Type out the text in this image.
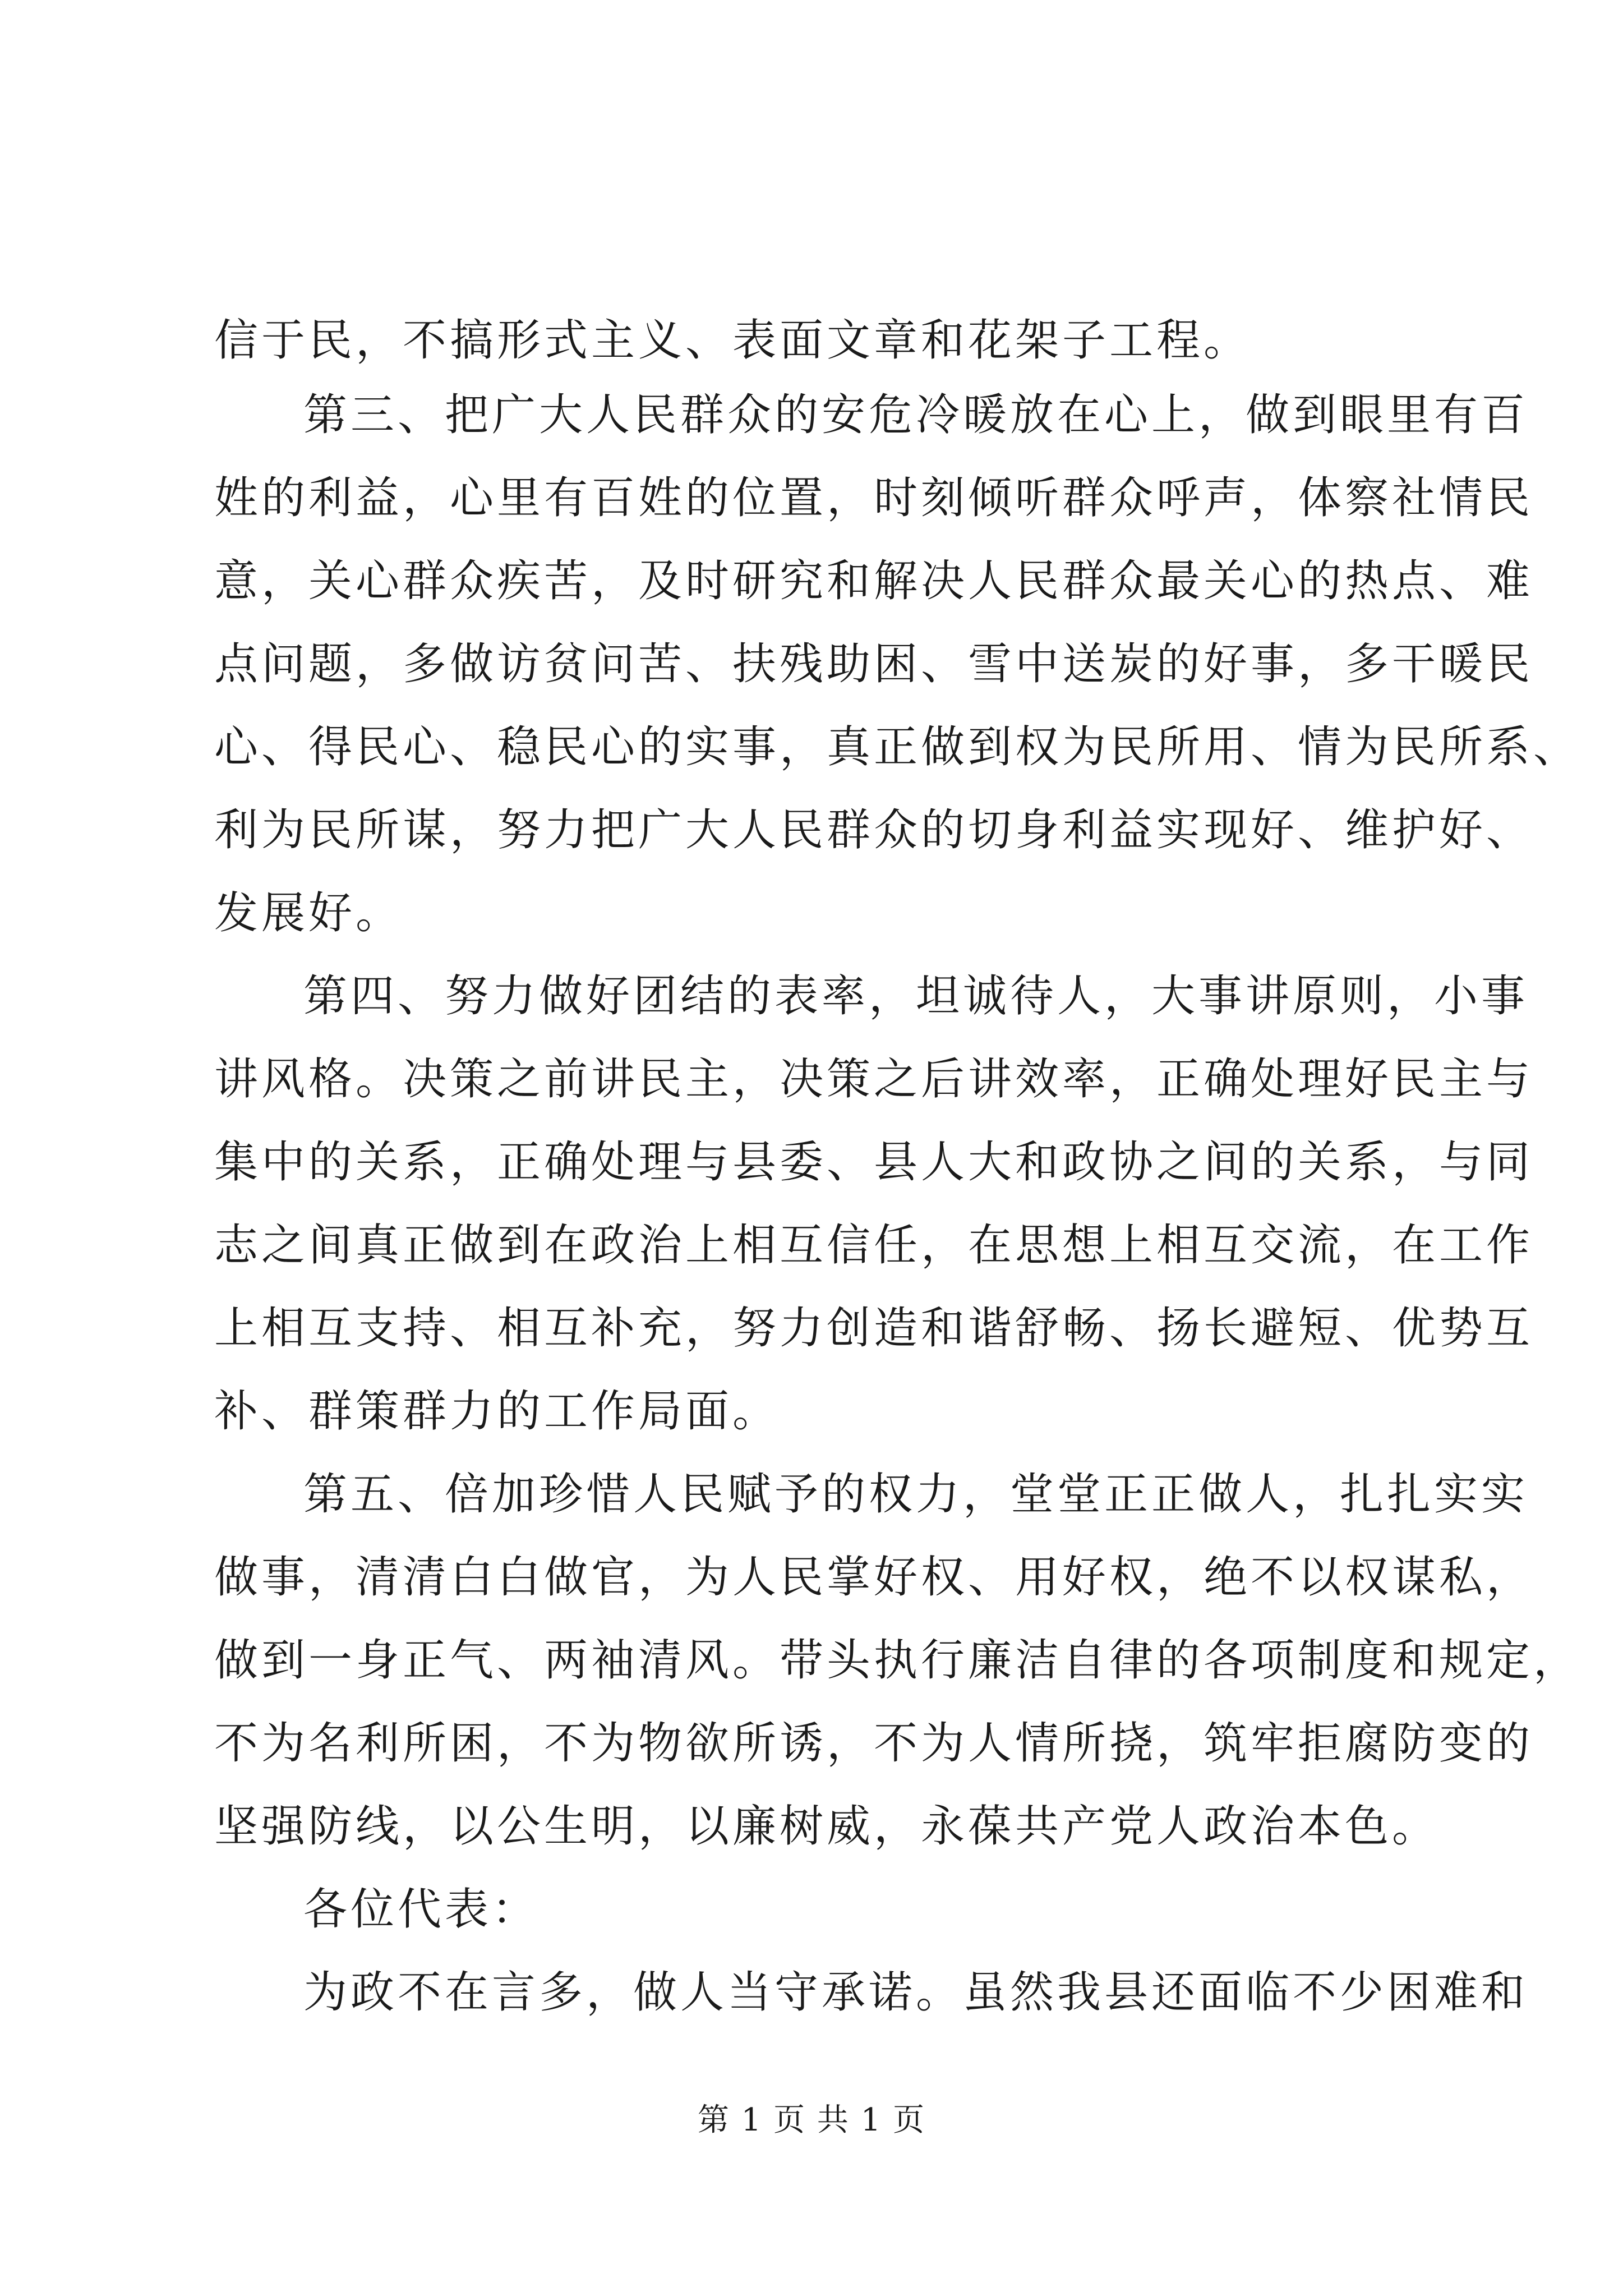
信于民，不搞形式主义、表面文章和花架子工程。
第三、把广大人民群众的安危冷暖放在心上，做到眼里有百
姓的利益，心里有百姓的位置，时刻倾听群众呼声，体察社情民
意，关心群众疾苦，及时研究和解决人民群众最关心的热点、难
点问题，多做访贫问苦、扶残助困、雪中送炭的好事，多干暖民
心、得民心、稳民心的实事，真正做到权为民所用、情为民所系、
利为民所谋，努力把广大人民群众的切身利益实现好、维护好、
发展好。
第四、努力做好团结的表率，坦诚待人，大事讲原则，小事
讲风格。决策之前讲民主，决策之后讲效率，正确处理好民主与
集中的关系，正确处理与县委、县人大和政协之间的关系，与同
志之间真正做到在政治上相互信任，在思想上相互交流，在工作
上相互支持、相互补充，努力创造和谐舒畅、扬长避短、优势互
补、群策群力的工作局面。
第五、倍加珍惜人民赋予的权力，堂堂正正做人，扎扎实实
做事，清清白白做官，为人民掌好权、用好权，绝不以权谋私，
做到一身正气、两袖清风。带头执行廉洁自律的各项制度和规定，
不为名利所困，不为物欲所诱，不为人情所挠，筑牢拒腐防变的
坚强防线，以公生明，以廉树威，永葆共产党人政治本色。
各位代表：
为政不在言多，做人当守承诺。虽然我县还面临不少困难和
第 1 页 共 1 页
